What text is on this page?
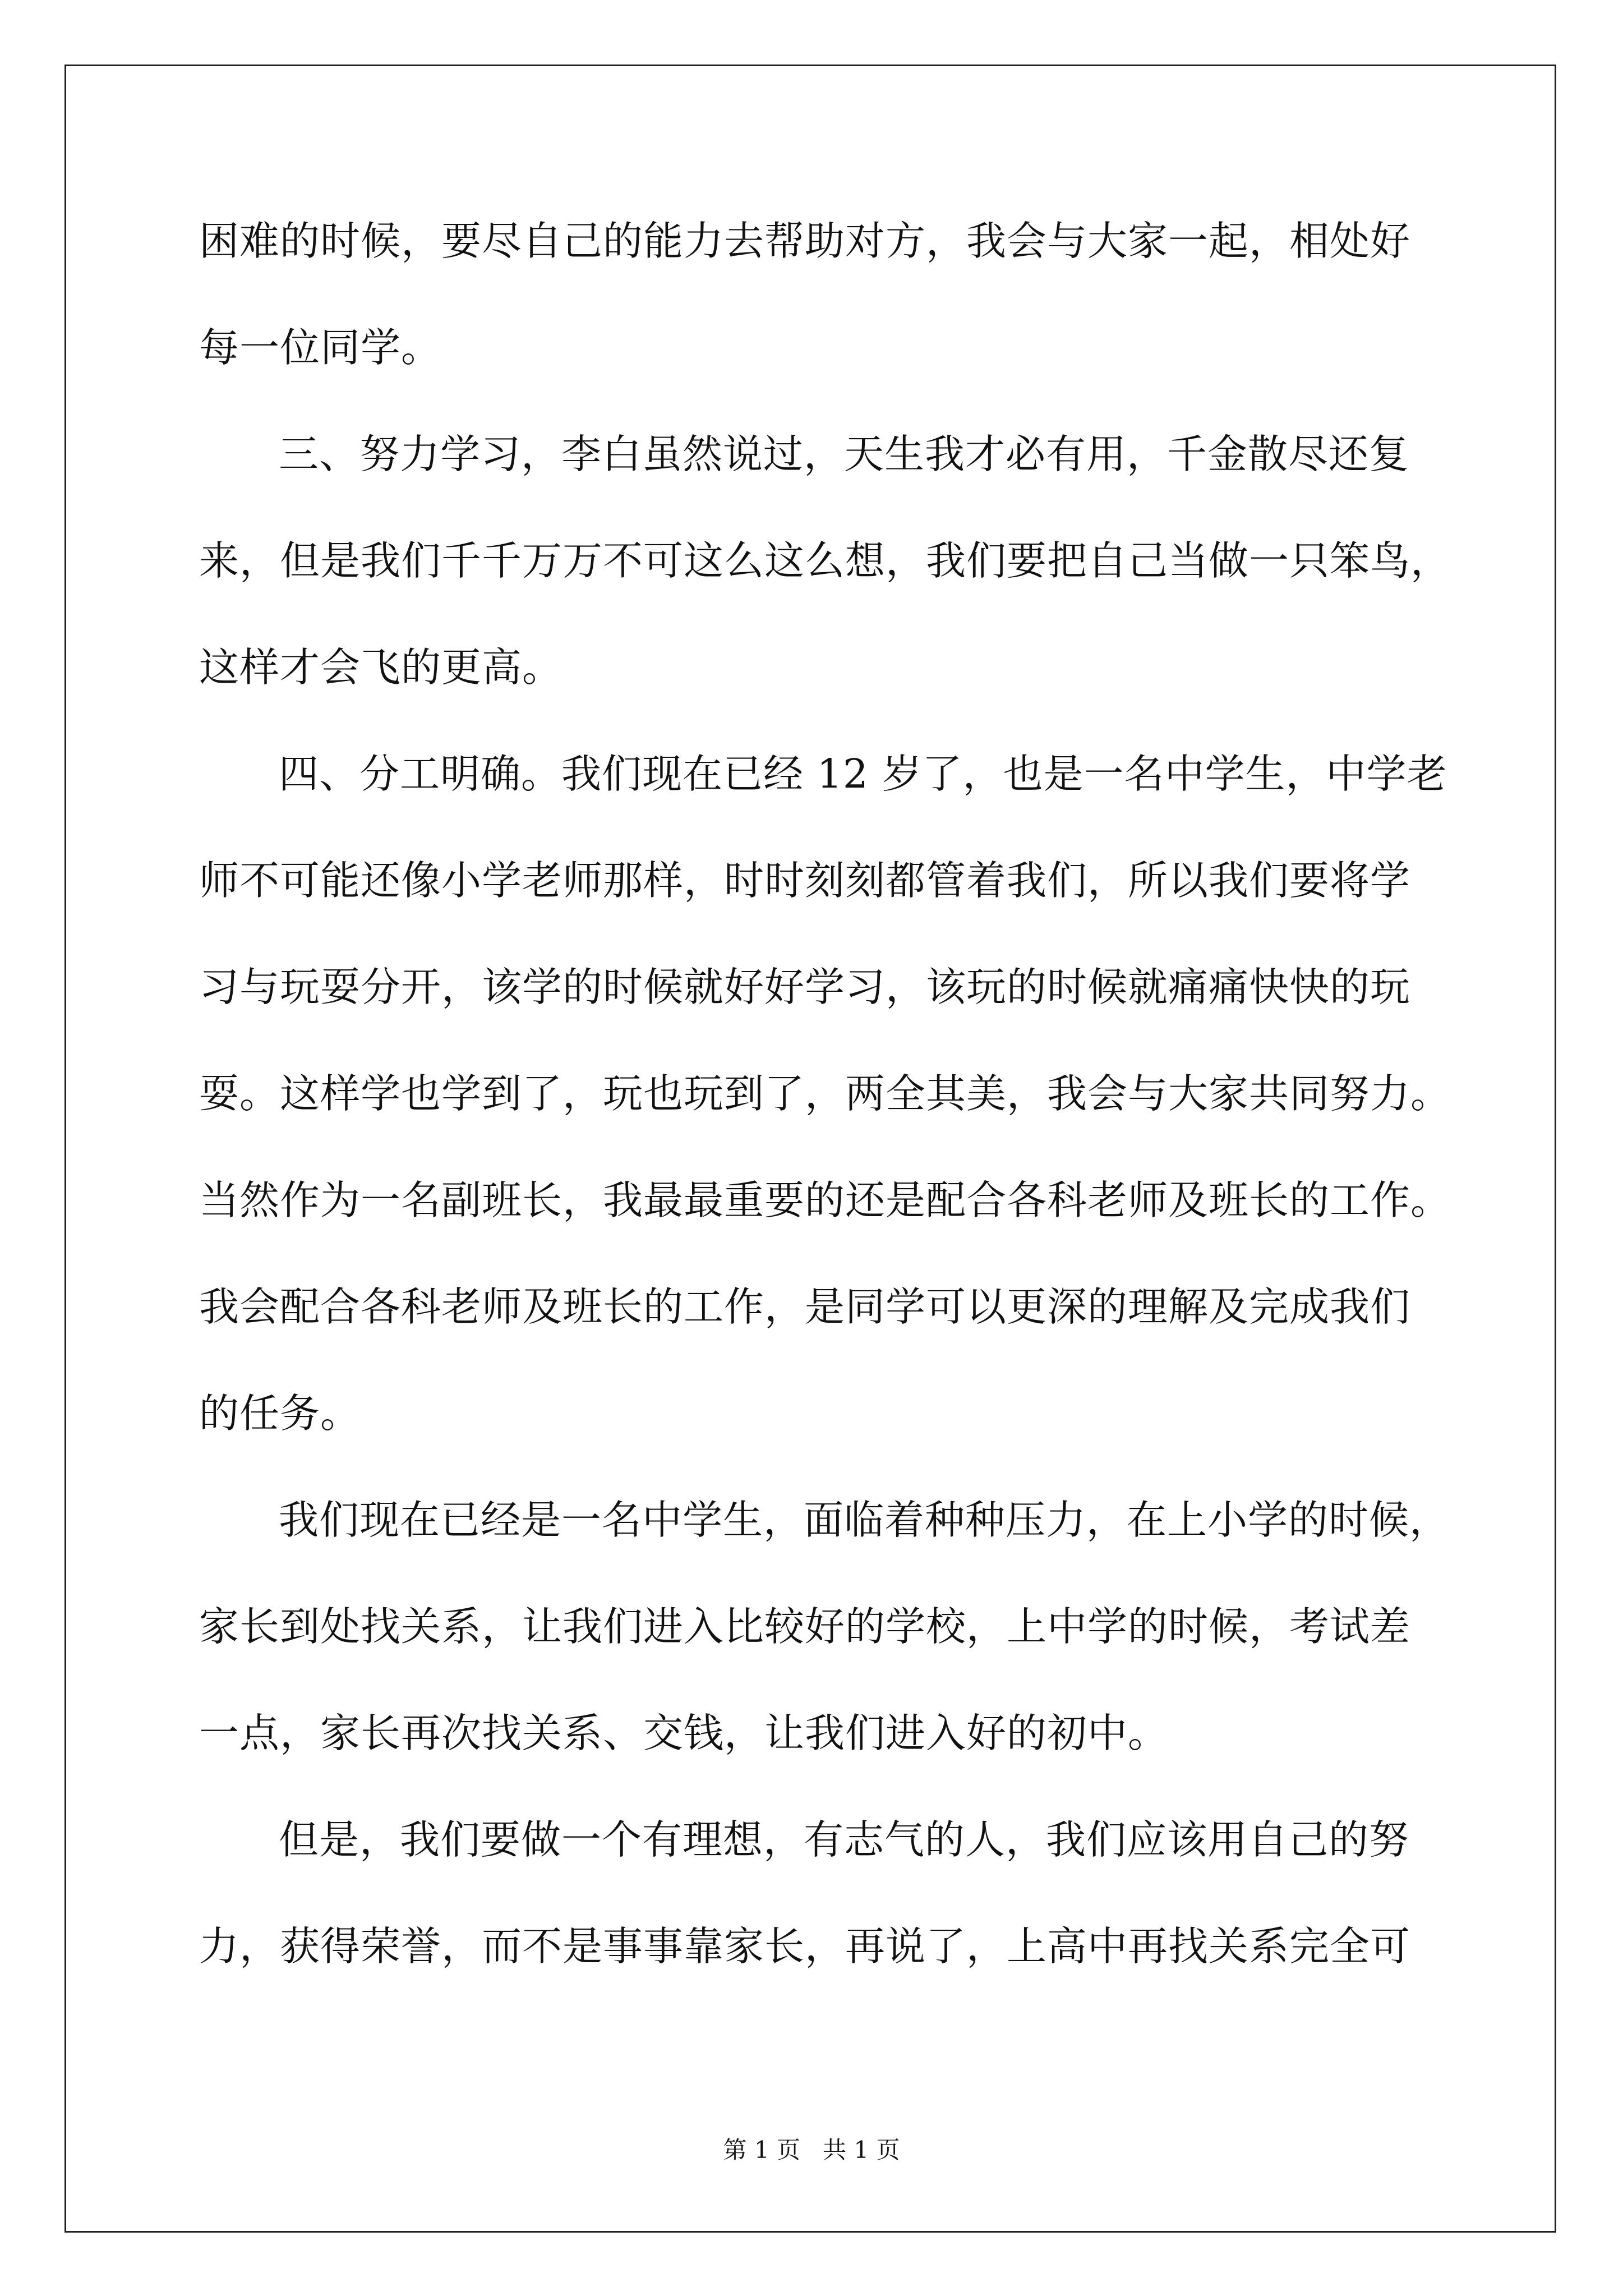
困难的时候，要尽自己的能力去帮助对方，我会与大家一起，相处好
每一位同学。
三、努力学习，李白虽然说过，天生我才必有用，千金散尽还复
来，但是我们千千万万不可这么这么想，我们要把自己当做一只笨鸟，
这样才会飞的更高。
四、分工明确。我们现在已经 12 岁了，也是一名中学生，中学老
师不可能还像小学老师那样，时时刻刻都管着我们，所以我们要将学
习与玩耍分开，该学的时候就好好学习，该玩的时候就痛痛快快的玩
耍。这样学也学到了，玩也玩到了，两全其美，我会与大家共同努力。
当然作为一名副班长，我最最重要的还是配合各科老师及班长的工作。
我会配合各科老师及班长的工作，是同学可以更深的理解及完成我们
的任务。
我们现在已经是一名中学生，面临着种种压力，在上小学的时候，
家长到处找关系，让我们进入比较好的学校，上中学的时候，考试差
一点，家长再次找关系、交钱，让我们进入好的初中。
但是，我们要做一个有理想，有志气的人，我们应该用自己的努
力，获得荣誉，而不是事事靠家长，再说了，上高中再找关系完全可
第 1 页   共 1 页
